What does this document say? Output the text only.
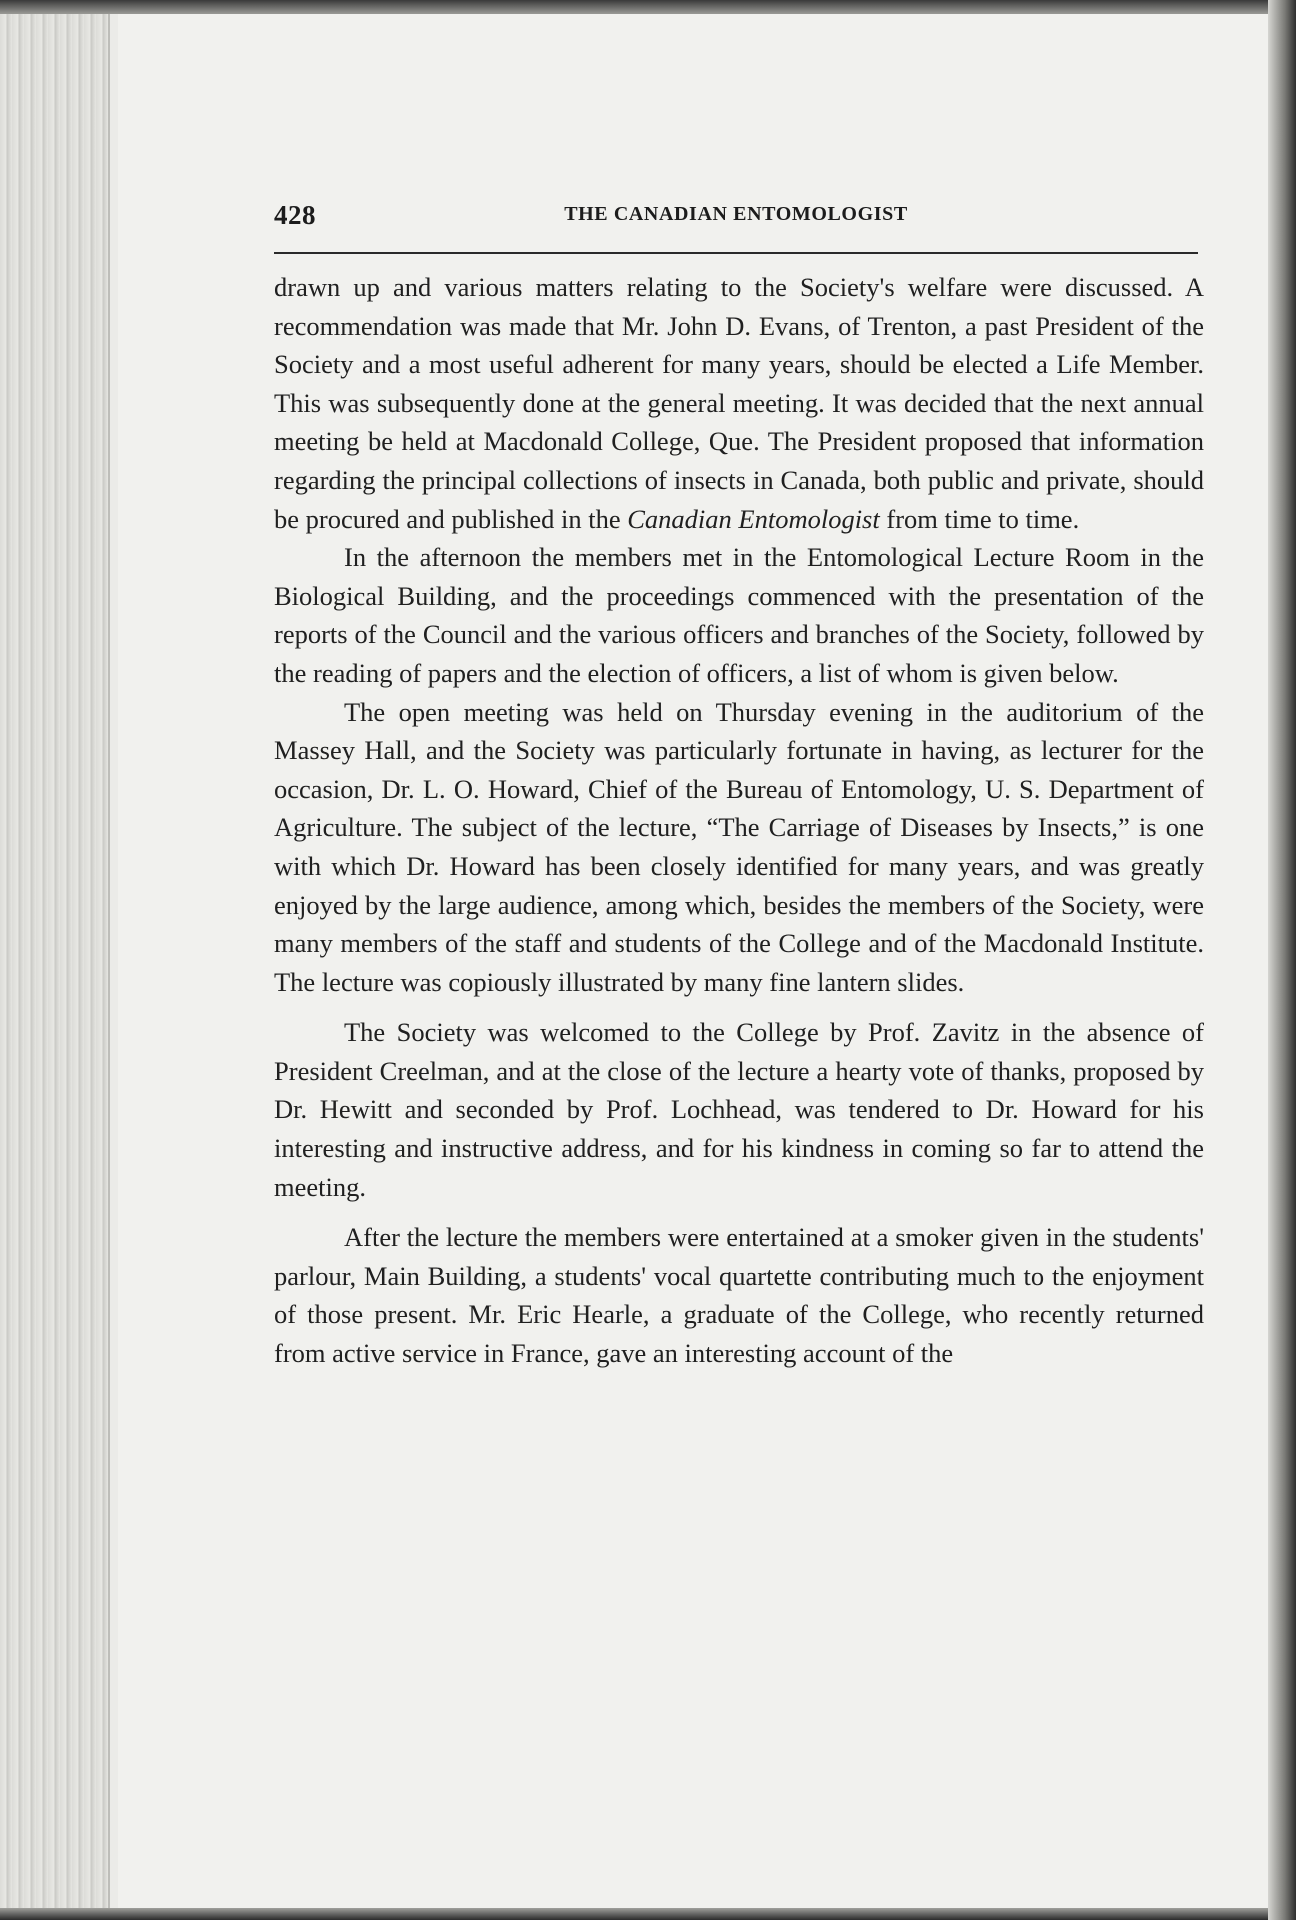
428	THE CANADIAN ENTOMOLOGIST

drawn up and various matters relating to the Society's welfare were discussed. A recommendation was made that Mr. John D. Evans, of Trenton, a past President of the Society and a most useful adherent for many years, should be elected a Life Member. This was subsequently done at the general meeting. It was decided that the next annual meeting be held at Macdonald College, Que. The President proposed that information regarding the principal collections of insects in Canada, both public and private, should be procured and published in the Canadian Entomologist from time to time.

In the afternoon the members met in the Entomological Lecture Room in the Biological Building, and the proceedings commenced with the presentation of the reports of the Council and the various officers and branches of the Society, followed by the reading of papers and the election of officers, a list of whom is given below.

The open meeting was held on Thursday evening in the auditorium of the Massey Hall, and the Society was particularly fortunate in having, as lecturer for the occasion, Dr. L. O. Howard, Chief of the Bureau of Entomology, U. S. Department of Agriculture. The subject of the lecture, “The Carriage of Diseases by Insects,” is one with which Dr. Howard has been closely identified for many years, and was greatly enjoyed by the large audience, among which, besides the members of the Society, were many members of the staff and students of the College and of the Macdonald Institute. The lecture was copiously illustrated by many fine lantern slides.

The Society was welcomed to the College by Prof. Zavitz in the absence of President Creelman, and at the close of the lecture a hearty vote of thanks, proposed by Dr. Hewitt and seconded by Prof. Lochhead, was tendered to Dr. Howard for his interesting and instructive address, and for his kindness in coming so far to attend the meeting.

After the lecture the members were entertained at a smoker given in the students' parlour, Main Building, a students' vocal quartette contributing much to the enjoyment of those present. Mr. Eric Hearle, a graduate of the College, who recently returned from active service in France, gave an interesting account of the
